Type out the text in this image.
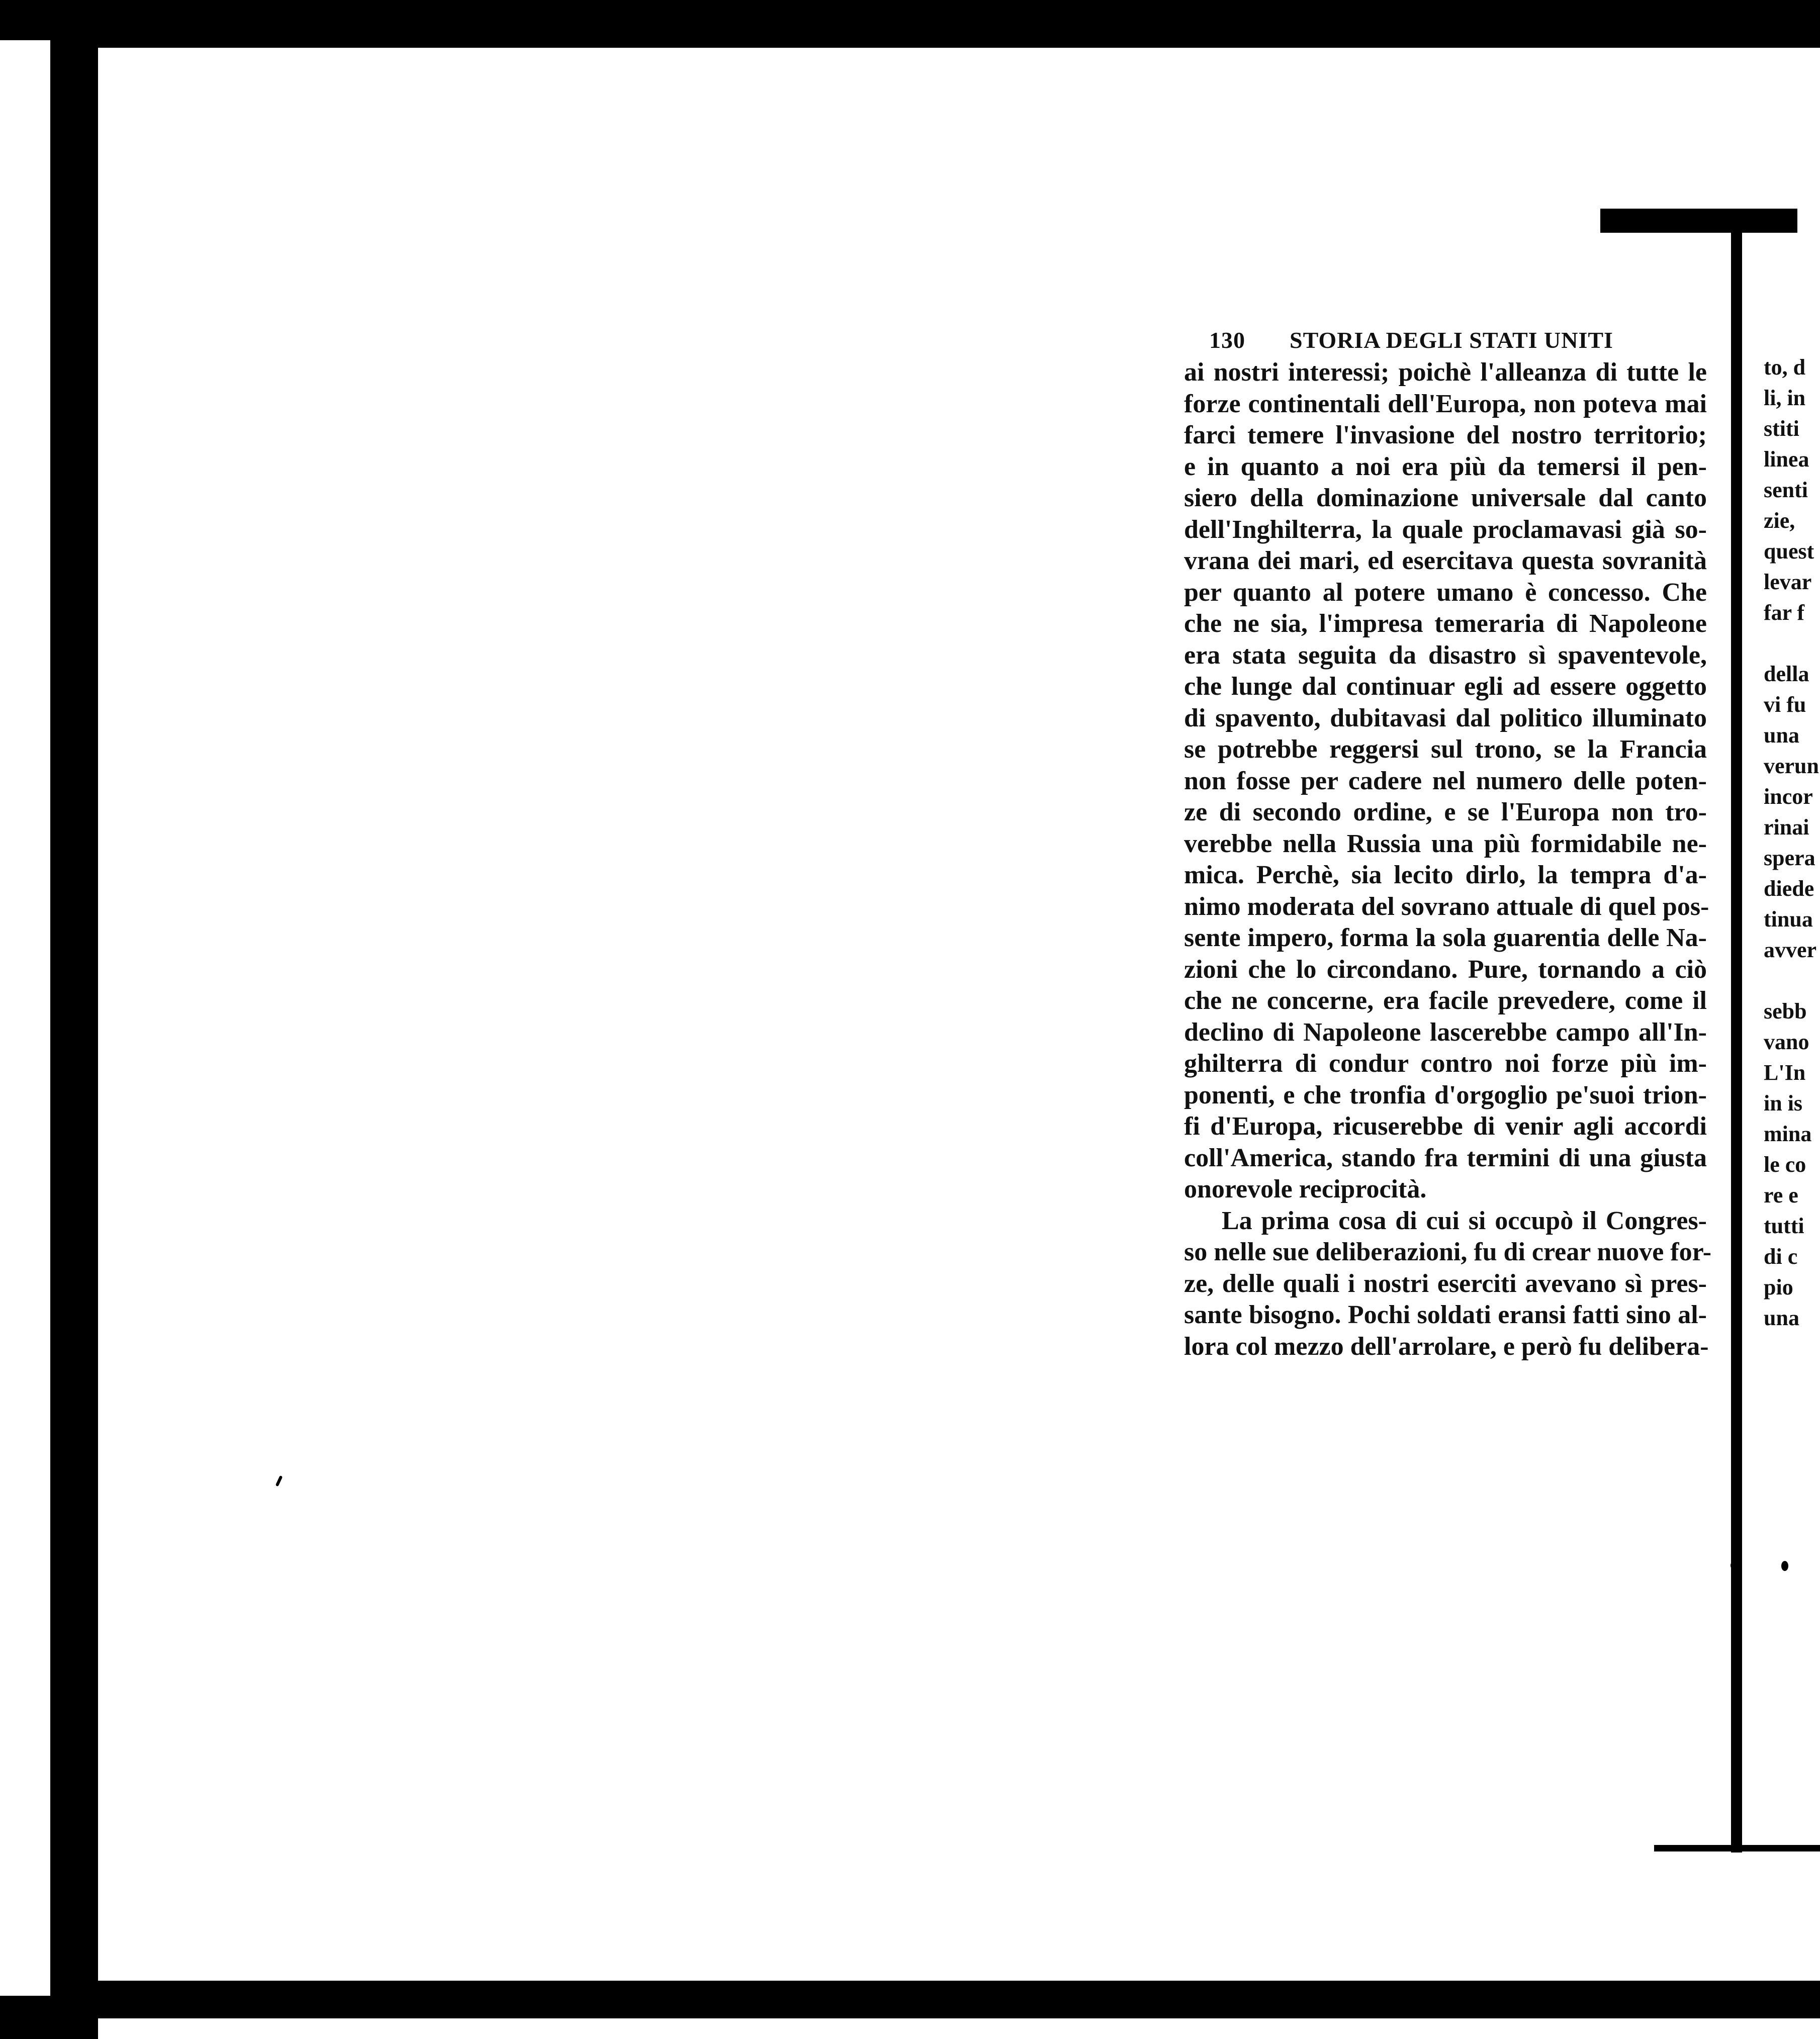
130 STORIA DEGLI STATI UNITI
ai nostri interessi; poichè l'alleanza di tutte le
forze continentali dell'Europa, non poteva mai
farci temere l'invasione del nostro territorio;
e in quanto a noi era più da temersi il pen-
siero della dominazione universale dal canto
dell'Inghilterra, la quale proclamavasi già so-
vrana dei mari, ed esercitava questa sovranità
per quanto al potere umano è concesso. Che
che ne sia, l'impresa temeraria di Napoleone
era stata seguita da disastro sì spaventevole,
che lunge dal continuar egli ad essere oggetto
di spavento, dubitavasi dal politico illuminato
se potrebbe reggersi sul trono, se la Francia
non fosse per cadere nel numero delle poten-
ze di secondo ordine, e se l'Europa non tro-
verebbe nella Russia una più formidabile ne-
mica. Perchè, sia lecito dirlo, la tempra d'a-
nimo moderata del sovrano attuale di quel pos-
sente impero, forma la sola guarentia delle Na-
zioni che lo circondano. Pure, tornando a ciò
che ne concerne, era facile prevedere, come il
declino di Napoleone lascerebbe campo all'In-
ghilterra di condur contro noi forze più im-
ponenti, e che tronfia d'orgoglio pe'suoi trion-
fi d'Europa, ricuserebbe di venir agli accordi
coll'America, stando fra termini di una giusta
onorevole reciprocità.
La prima cosa di cui si occupò il Congres-
so nelle sue deliberazioni, fu di crear nuove for-
ze, delle quali i nostri eserciti avevano sì pres-
sante bisogno. Pochi soldati eransi fatti sino al-
lora col mezzo dell'arrolare, e però fu delibera-
to, d
li, in
stiti
linea
senti
zie,
quest
levar
far f
della
vi fu
una
verun
incor
rinai
spera
diede
tinua
avver
sebb
vano
L'In
in is
mina
le co
re e
tutti
di c
pio
una
